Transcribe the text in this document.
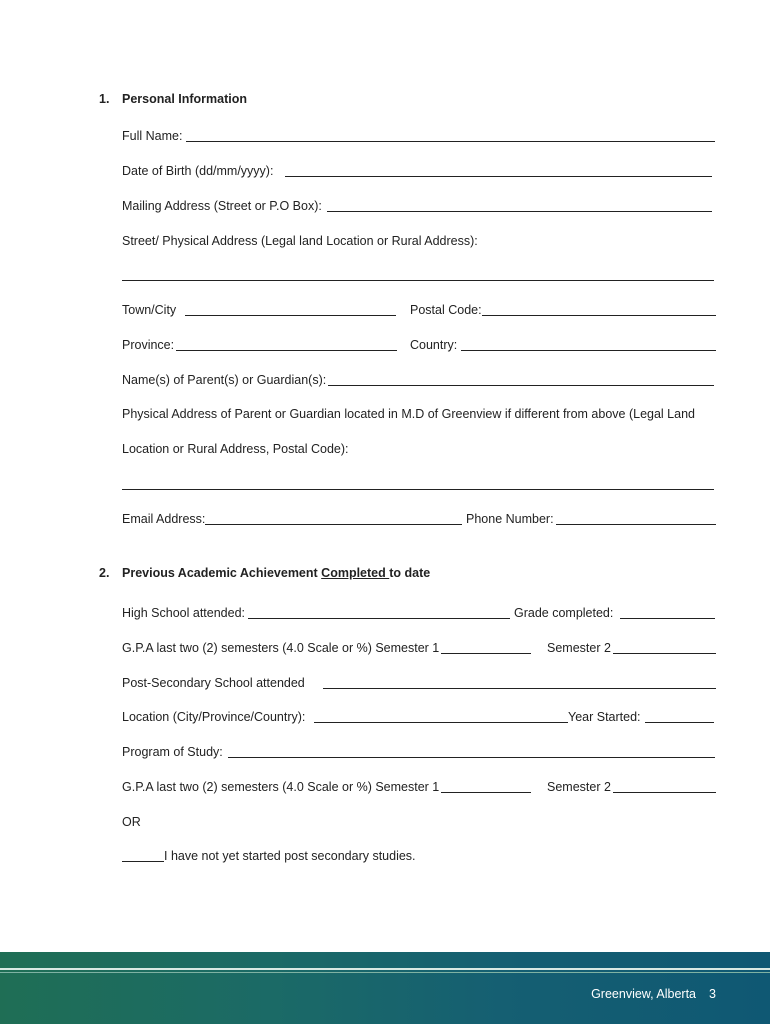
1. Personal Information
Full Name:
Date of Birth (dd/mm/yyyy):
Mailing Address (Street or P.O Box):
Street/ Physical Address (Legal land Location or Rural Address):
Town/City	Postal Code:
Province:	Country:
Name(s) of Parent(s) or Guardian(s):
Physical Address of Parent or Guardian located in M.D of Greenview if different from above (Legal Land
Location or Rural Address, Postal Code):
Email Address:	Phone Number:
2. Previous Academic Achievement Completed to date
High School attended:	Grade completed:
G.P.A last two (2) semesters (4.0 Scale or %) Semester 1	Semester 2
Post-Secondary School attended
Location (City/Province/Country):	Year Started:
Program of Study:
G.P.A last two (2) semesters (4.0 Scale or %) Semester 1	Semester 2
OR
I have not yet started post secondary studies.
Greenview, Alberta 3
